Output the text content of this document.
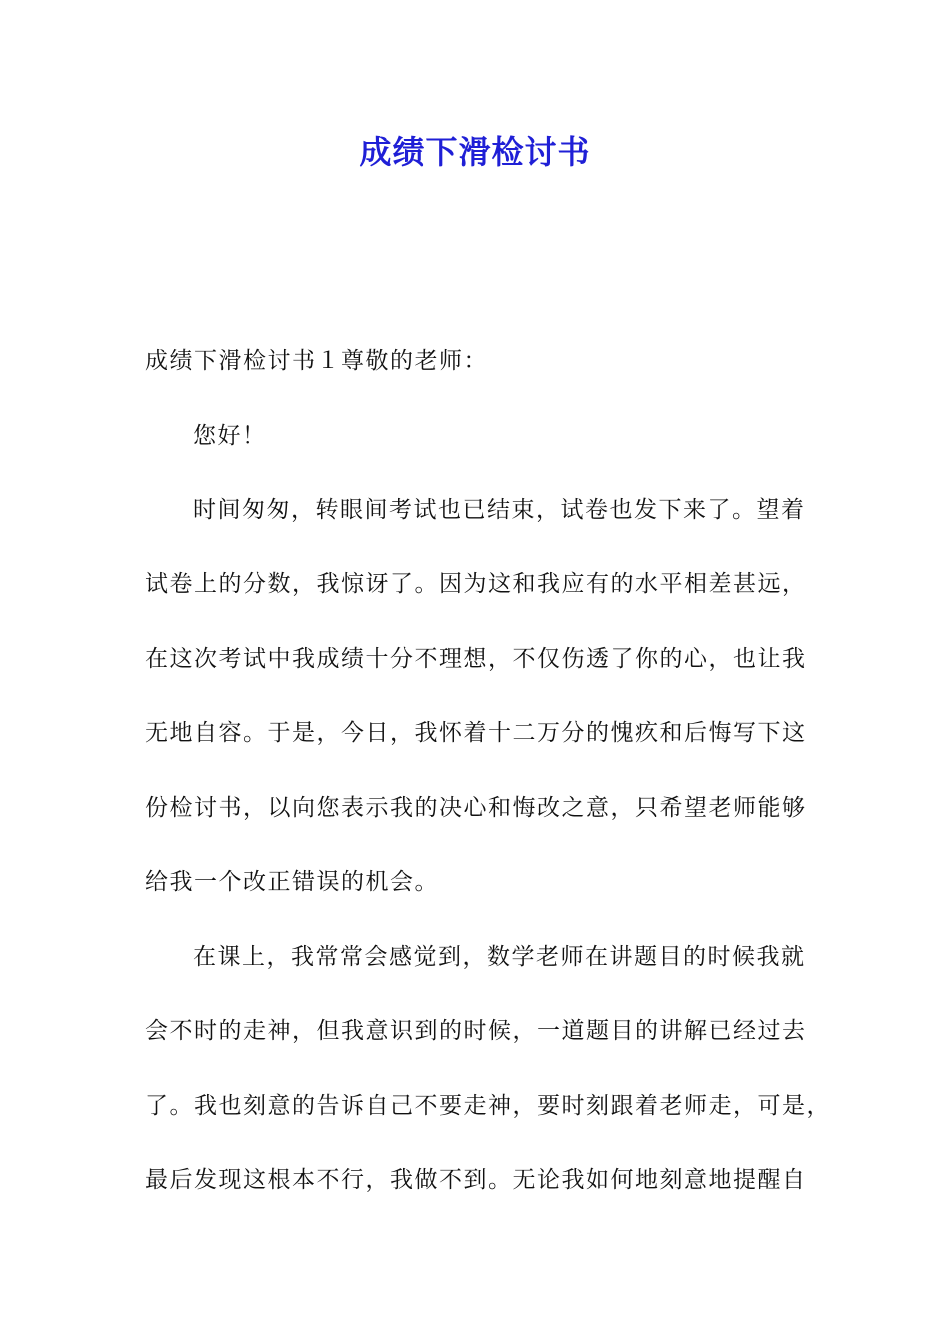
成绩下滑检讨书
成绩下滑检讨书１尊敬的老师：
您好！
时间匆匆，转眼间考试也已结束，试卷也发下来了。望着
试卷上的分数，我惊讶了。因为这和我应有的水平相差甚远，
在这次考试中我成绩十分不理想，不仅伤透了你的心，也让我
无地自容。于是，今日，我怀着十二万分的愧疚和后悔写下这
份检讨书，以向您表示我的决心和悔改之意，只希望老师能够
给我一个改正错误的机会。
在课上，我常常会感觉到，数学老师在讲题目的时候我就
会不时的走神，但我意识到的时候，一道题目的讲解已经过去
了。我也刻意的告诉自己不要走神，要时刻跟着老师走，可是，
最后发现这根本不行，我做不到。无论我如何地刻意地提醒自
